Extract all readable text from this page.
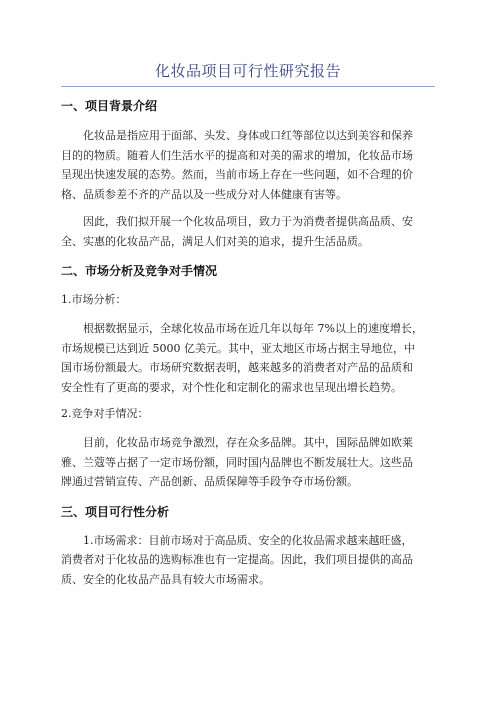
化妆品项目可行性研究报告
一、项目背景介绍
化妆品是指应用于面部、头发、身体或口红等部位以达到美容和保养
目的的物质。随着人们生活水平的提高和对美的需求的增加，化妆品市场
呈现出快速发展的态势。然而，当前市场上存在一些问题，如不合理的价
格、品质参差不齐的产品以及一些成分对人体健康有害等。
因此，我们拟开展一个化妆品项目，致力于为消费者提供高品质、安
全、实惠的化妆品产品，满足人们对美的追求，提升生活品质。
二、市场分析及竞争对手情况
1.市场分析：
根据数据显示，全球化妆品市场在近几年以每年 7%以上的速度增长，
市场规模已达到近 5000 亿美元。其中，亚太地区市场占据主导地位，中
国市场份额最大。市场研究数据表明，越来越多的消费者对产品的品质和
安全性有了更高的要求，对个性化和定制化的需求也呈现出增长趋势。
2.竞争对手情况：
目前，化妆品市场竞争激烈，存在众多品牌。其中，国际品牌如欧莱
雅、兰蔻等占据了一定市场份额，同时国内品牌也不断发展壮大。这些品
牌通过营销宣传、产品创新、品质保障等手段争夺市场份额。
三、项目可行性分析
1.市场需求：目前市场对于高品质、安全的化妆品需求越来越旺盛，
消费者对于化妆品的选购标准也有一定提高。因此，我们项目提供的高品
质、安全的化妆品产品具有较大市场需求。
